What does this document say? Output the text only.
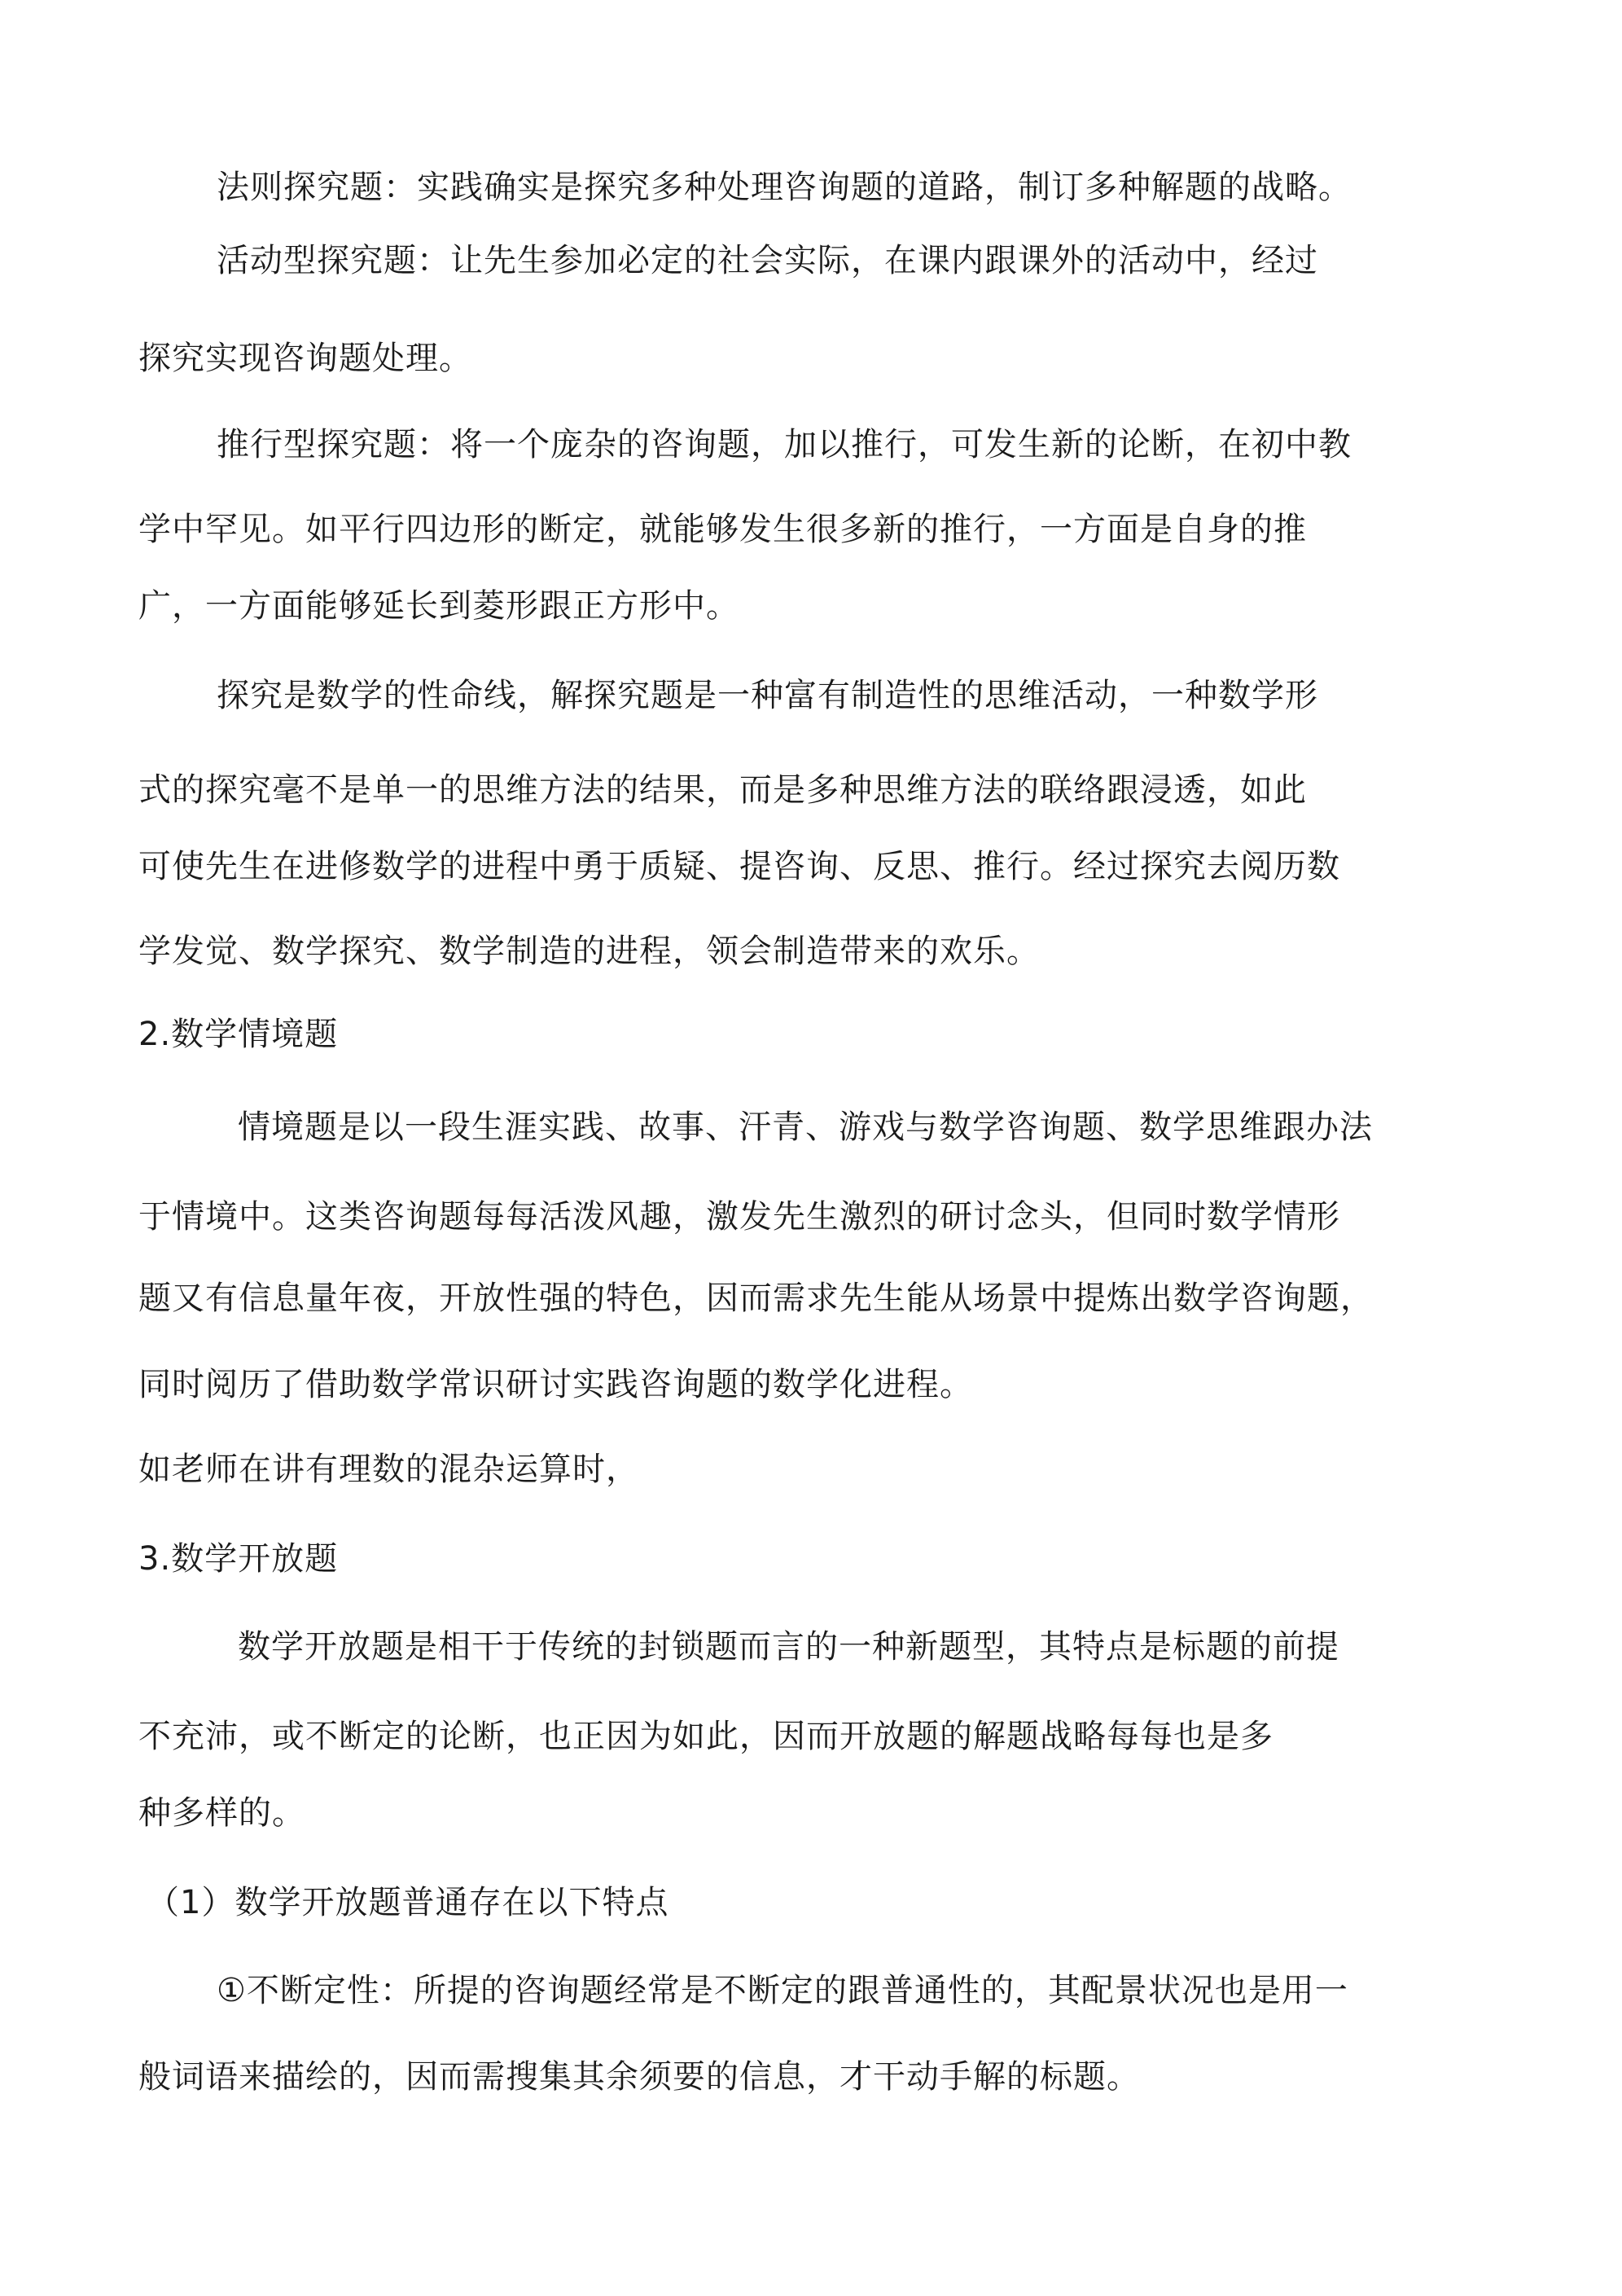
法则探究题：实践确实是探究多种处理咨询题的道路，制订多种解题的战略。
活动型探究题：让先生参加必定的社会实际，在课内跟课外的活动中，经过
探究实现咨询题处理。
推行型探究题：将一个庞杂的咨询题，加以推行，可发生新的论断，在初中教
学中罕见。如平行四边形的断定，就能够发生很多新的推行，一方面是自身的推
广，一方面能够延长到菱形跟正方形中。
探究是数学的性命线，解探究题是一种富有制造性的思维活动，一种数学形
式的探究毫不是单一的思维方法的结果，而是多种思维方法的联络跟浸透，如此
可使先生在进修数学的进程中勇于质疑、提咨询、反思、推行。经过探究去阅历数
学发觉、数学探究、数学制造的进程，领会制造带来的欢乐。
2.数学情境题
情境题是以一段生涯实践、故事、汗青、游戏与数学咨询题、数学思维跟办法
于情境中。这类咨询题每每活泼风趣，激发先生激烈的研讨念头，但同时数学情形
题又有信息量年夜，开放性强的特色，因而需求先生能从场景中提炼出数学咨询题，
同时阅历了借助数学常识研讨实践咨询题的数学化进程。
如老师在讲有理数的混杂运算时，
3.数学开放题
数学开放题是相干于传统的封锁题而言的一种新题型，其特点是标题的前提
不充沛，或不断定的论断，也正因为如此，因而开放题的解题战略每每也是多
种多样的。
（1）数学开放题普通存在以下特点
①不断定性：所提的咨询题经常是不断定的跟普通性的，其配景状况也是用一
般词语来描绘的，因而需搜集其余须要的信息，才干动手解的标题。
